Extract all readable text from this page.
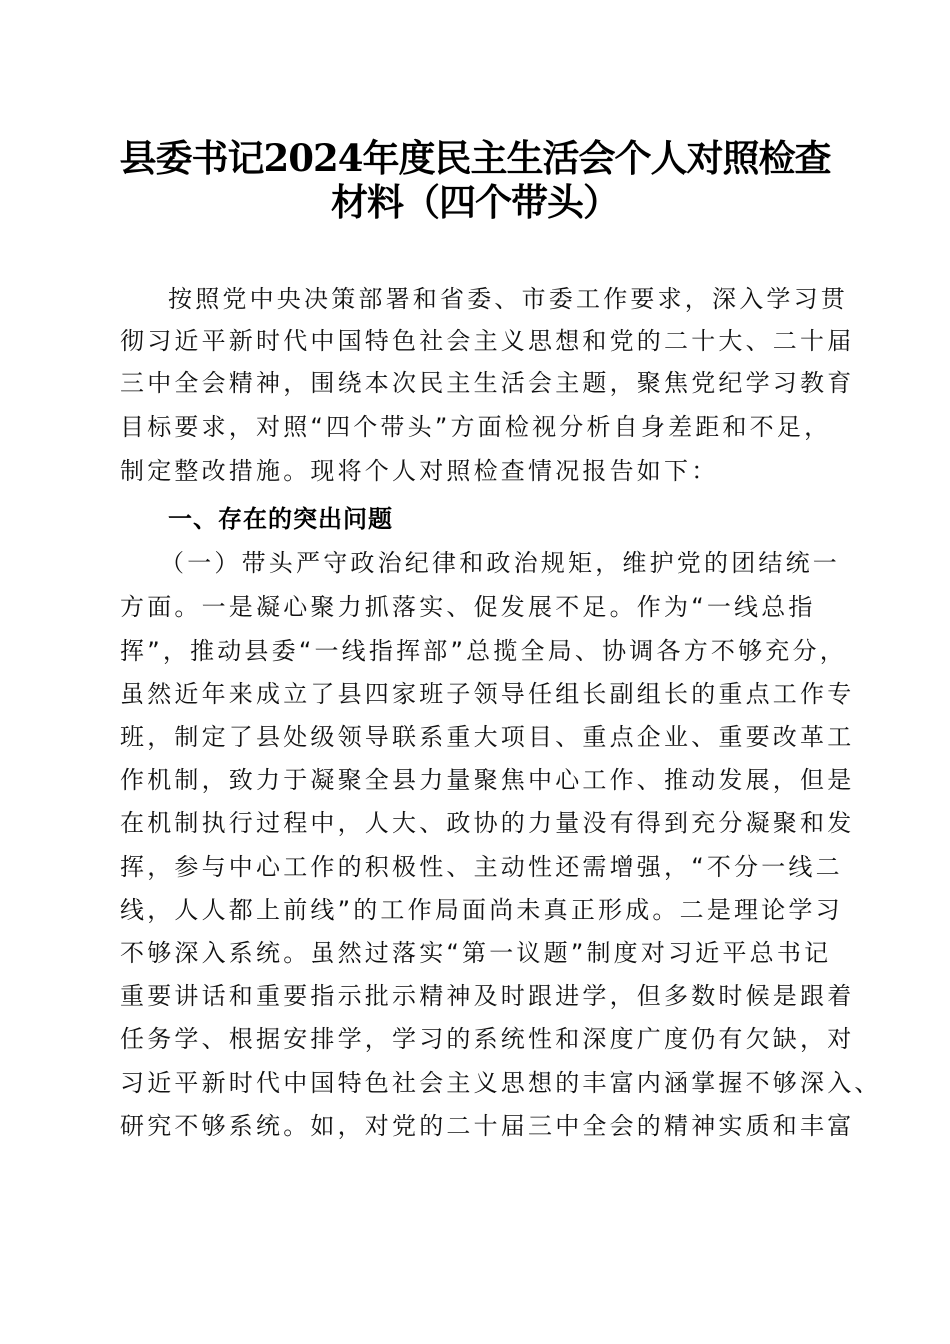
县委书记2024年度民主生活会个人对照检查
材料（四个带头）
按照党中央决策部署和省委、市委工作要求，深入学习贯
彻习近平新时代中国特色社会主义思想和党的二十大、二十届
三中全会精神，围绕本次民主生活会主题，聚焦党纪学习教育
目标要求，对照“四个带头”方面检视分析自身差距和不足，
制定整改措施。现将个人对照检查情况报告如下：
一、存在的突出问题
（一）带头严守政治纪律和政治规矩，维护党的团结统一
方面。一是凝心聚力抓落实、促发展不足。作为“一线总指
挥”，推动县委“一线指挥部”总揽全局、协调各方不够充分，
虽然近年来成立了县四家班子领导任组长副组长的重点工作专
班，制定了县处级领导联系重大项目、重点企业、重要改革工
作机制，致力于凝聚全县力量聚焦中心工作、推动发展，但是
在机制执行过程中，人大、政协的力量没有得到充分凝聚和发
挥，参与中心工作的积极性、主动性还需增强，“不分一线二
线，人人都上前线”的工作局面尚未真正形成。二是理论学习
不够深入系统。虽然过落实“第一议题”制度对习近平总书记
重要讲话和重要指示批示精神及时跟进学，但多数时候是跟着
任务学、根据安排学，学习的系统性和深度广度仍有欠缺，对
习近平新时代中国特色社会主义思想的丰富内涵掌握不够深入、
研究不够系统。如，对党的二十届三中全会的精神实质和丰富
